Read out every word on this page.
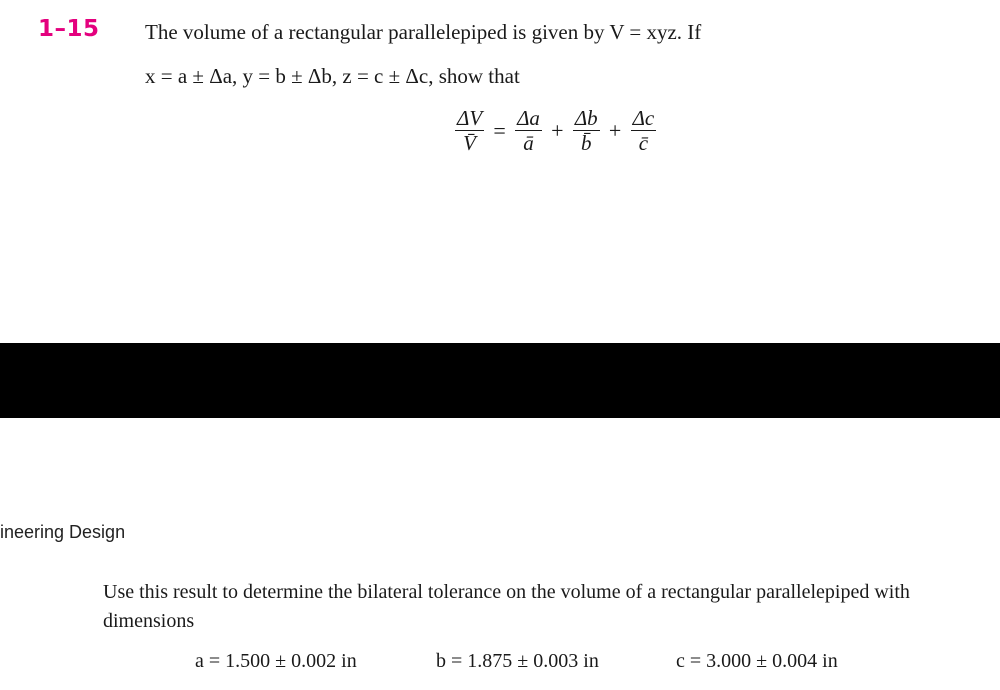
1–15 The volume of a rectangular parallelepiped is given by V = xyz. If
x = a ± Δa, y = b ± Δb, z = c ± Δc, show that
$\frac{\Delta V}{V̄} = \frac{\Delta a}{ā} + \frac{\Delta b}{b̄} + \frac{\Delta c}{c̄}$
ineering Design
Use this result to determine the bilateral tolerance on the volume of a rectangular parallelepiped with dimensions
a = 1.500 ± 0.002 in	b = 1.875 ± 0.003 in	c = 3.000 ± 0.004 in
